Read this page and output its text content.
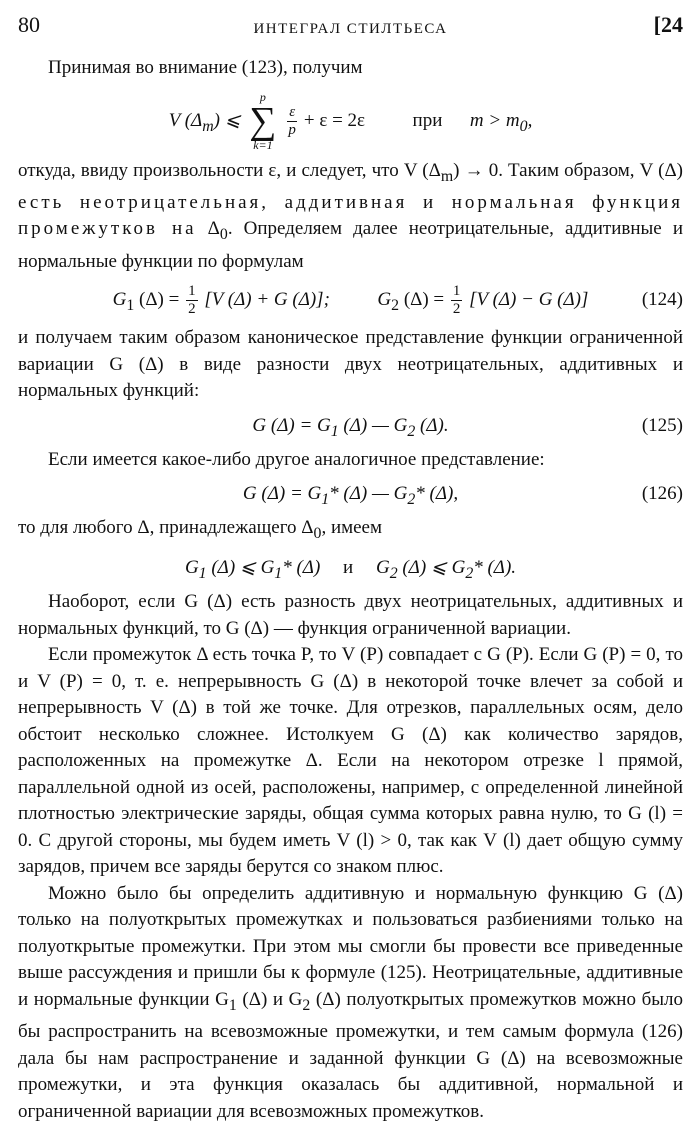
80	ИНТЕГРАЛ СТИЛТЬЕСА	[24

Принимая во внимание (123), получим

V $(\Delta_m)$ ⩽
p
∑
k=1

$\frac{\varepsilon}{p} + \varepsilon = 2\varepsilon$	при $m > m_0$,

откуда, ввиду произвольности ε, и следует, что V $(\Delta_m) \to 0$. Таким образом, V (Δ) есть неотрицательная, аддитивная и нормальная функция промежутков на $\Delta_0$. Определяем далее неотрицательные, аддитивные и нормальные функции по формулам

$G_1$ $(\Delta) = \frac{1}{2} [V$ (Δ) + G (Δ)];	$G_2$ $(\Delta) = \frac{1}{2} [V$ (Δ) − G (Δ)]	(124)

и получаем таким образом каноническое представление функции ограниченной вариации G (Δ) в виде разности двух неотрицательных, аддитивных и нормальных функций:

G $(\Delta) = G_1$ (Δ) — $G_2$ (Δ).	(125)

Если имеется какое-либо другое аналогичное представление:

G $(\Delta) = G_1*$ (Δ) — $G_2*$ (Δ),	(126)

то для любого Δ, принадлежащего $\Delta_0$, имеем

$G_1$ (Δ) ⩽ $G_1*$ (Δ) и $G_2$ (Δ) ⩽ $G_2*$ (Δ).

Наоборот, если G (Δ) есть разность двух неотрицательных, аддитивных и нормальных функций, то G (Δ) — функция ограниченной вариации.

Если промежуток Δ есть точка P, то V (P) совпадает с G (P). Если G (P) = 0, то и V (P) = 0, т. е. непрерывность G (Δ) в некоторой точке влечет за собой и непрерывность V (Δ) в той же точке. Для отрезков, параллельных осям, дело обстоит несколько сложнее. Истолкуем G (Δ) как количество зарядов, расположенных на промежутке Δ. Если на некотором отрезке l прямой, параллельной одной из осей, расположены, например, с определенной линейной плотностью электрические заряды, общая сумма которых равна нулю, то G (l) = 0. С другой стороны, мы будем иметь V (l) > 0, так как V (l) дает общую сумму зарядов, причем все заряды берутся со знаком плюс.

Можно было бы определить аддитивную и нормальную функцию G (Δ) только на полуоткрытых промежутках и пользоваться разбиениями только на полуоткрытые промежутки. При этом мы смогли бы провести все приведенные выше рассуждения и пришли бы к формуле (125). Неотрицательные, аддитивные и нормальные функции $G_1$ (Δ) и $G_2$ (Δ) полуоткрытых промежутков можно было бы распространить на всевозможные промежутки, и тем самым формула (126) дала бы нам распространение и заданной функции G (Δ) на всевозможные промежутки, и эта функция оказалась бы аддитивной, нормальной и ограниченной вариации для всевозможных промежутков.
